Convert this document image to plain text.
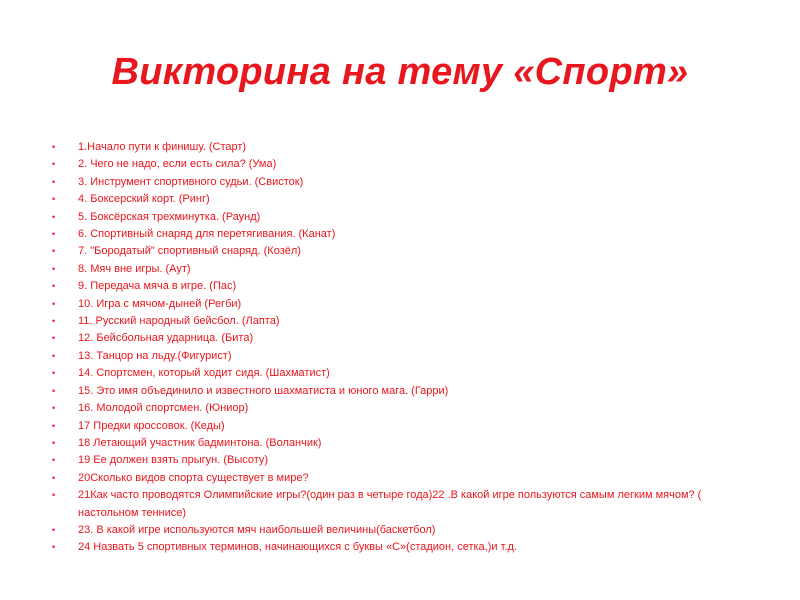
Викторина на тему «Спорт»
•	1.Начало пути к финишу. (Старт)
•	2. Чего не надо, если есть сила? (Ума)
•	3. Инструмент спортивного судьи. (Свисток)
•	4. Боксерский корт. (Ринг)
•	5. Боксёрская трехминутка. (Раунд)
•	6. Спортивный снаряд для перетягивания. (Канат)
•	7. "Бородатый" спортивный снаряд. (Козёл)
•	8. Мяч вне игры. (Аут)
•	9. Передача мяча в игре. (Пас)
•	10. Игра с мячом-дыней (Регби)
•	11. Русский народный бейсбол. (Лапта)
•	12. Бейсбольная ударница. (Бита)
•	13. Танцор на льду.(Фигурист)
•	14. Спортсмен, который ходит сидя. (Шахматист)
•	15. Это имя объединило и известного шахматиста и юного мага. (Гарри)
•	16. Молодой спортсмен. (Юниор)
•	17 Предки кроссовок. (Кеды)
•	18 Летающий участник бадминтона. (Воланчик)
•	19 Ее должен взять прыгун. (Высоту)
•	20Сколько видов спорта существует в мире?
•	21Как часто проводятся Олимпийские игры?(один раз в четыре года)22 .В какой игре пользуются самым легким мячом? ( настольном теннисе)
•	23. В какой игре используются мяч наибольшей величины(баскетбол)
•	24 Назвать 5 спортивных терминов, начинающихся с буквы «С»(стадион, сетка,)и т.д.
